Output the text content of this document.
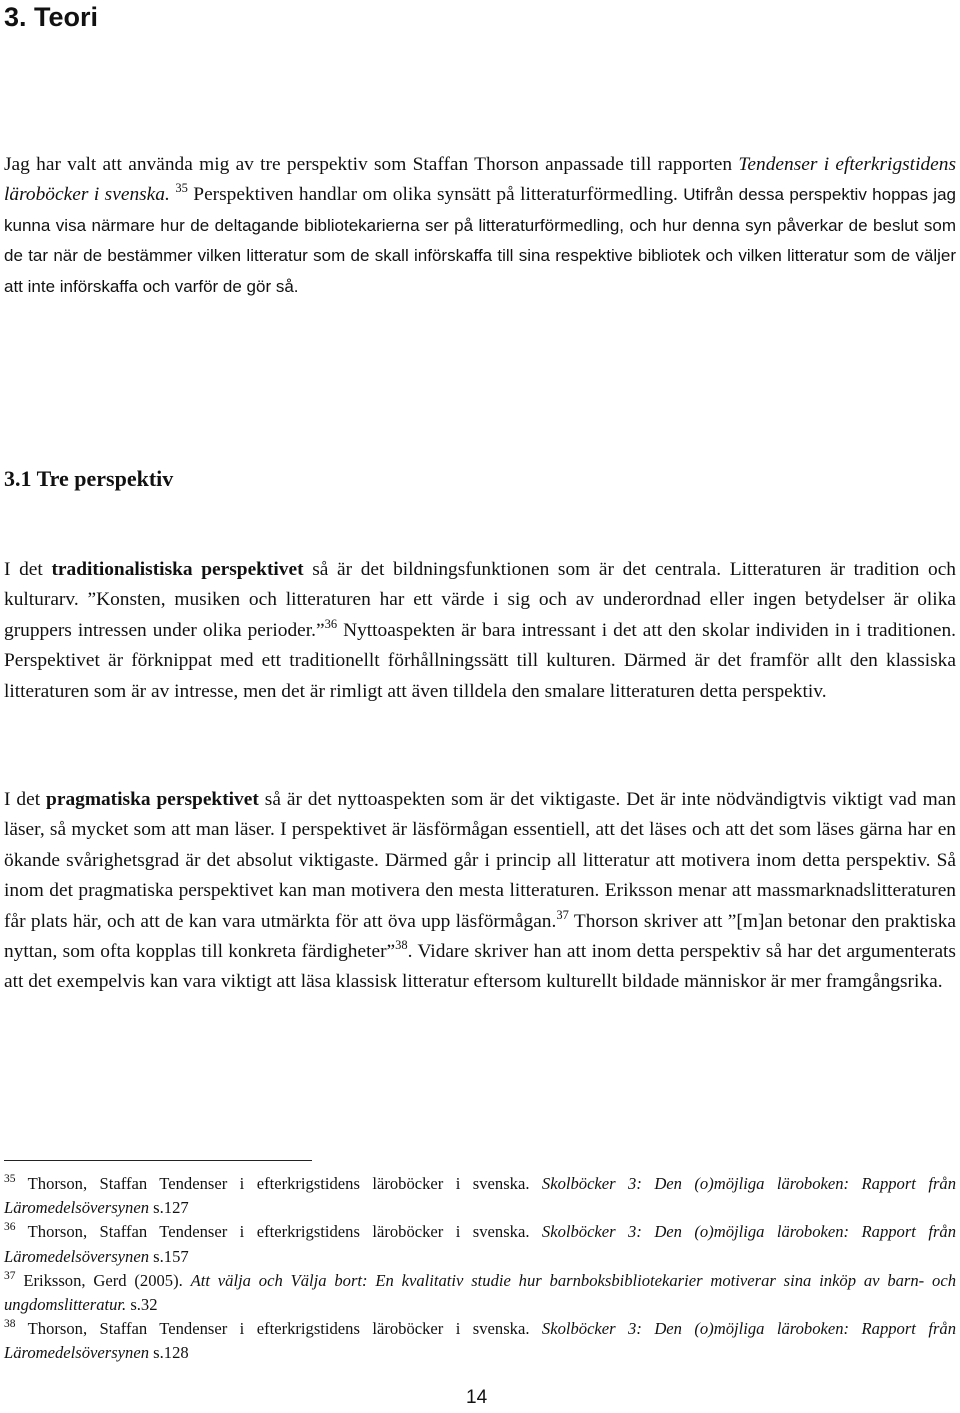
3. Teori

Jag har valt att använda mig av tre perspektiv som Staffan Thorson anpassade till rapporten Tendenser i efterkrigstidens läroböcker i svenska. $^{35}$ Perspektiven handlar om olika synsätt på litteraturförmedling. Utifrån dessa perspektiv hoppas jag kunna visa närmare hur de deltagande bibliotekarierna ser på litteraturförmedling, och hur denna syn påverkar de beslut som de tar när de bestämmer vilken litteratur som de skall införskaffa till sina respektive bibliotek och vilken litteratur som de väljer att inte införskaffa och varför de gör så.

3.1 Tre perspektiv

I det traditionalistiska perspektivet så är det bildningsfunktionen som är det centrala. Litteraturen är tradition och kulturarv. ”Konsten, musiken och litteraturen har ett värde i sig och av underordnad eller ingen betydelser är olika gruppers intressen under olika perioder.”$^{36}$ Nyttoaspekten är bara intressant i det att den skolar individen in i traditionen. Perspektivet är förknippat med ett traditionellt förhållningssätt till kulturen. Därmed är det framför allt den klassiska litteraturen som är av intresse, men det är rimligt att även tilldela den smalare litteraturen detta perspektiv.

I det pragmatiska perspektivet så är det nyttoaspekten som är det viktigaste. Det är inte nödvändigtvis viktigt vad man läser, så mycket som att man läser. I perspektivet är läsförmågan essentiell, att det läses och att det som läses gärna har en ökande svårighetsgrad är det absolut viktigaste. Därmed går i princip all litteratur att motivera inom detta perspektiv. Så inom det pragmatiska perspektivet kan man motivera den mesta litteraturen. Eriksson menar att massmarknadslitteraturen får plats här, och att de kan vara utmärkta för att öva upp läsförmågan.$^{37}$ Thorson skriver att ”[m]an betonar den praktiska nyttan, som ofta kopplas till konkreta färdigheter”$^{38}$. Vidare skriver han att inom detta perspektiv så har det argumenterats att det exempelvis kan vara viktigt att läsa klassisk litteratur eftersom kulturellt bildade människor är mer framgångsrika.

$^{35}$ Thorson, Staffan Tendenser i efterkrigstidens läroböcker i svenska. Skolböcker 3: Den (o)möjliga läroboken: Rapport från Läromedelsöversynen s.127

$^{36}$ Thorson, Staffan Tendenser i efterkrigstidens läroböcker i svenska. Skolböcker 3: Den (o)möjliga läroboken: Rapport från Läromedelsöversynen s.157

$^{37}$ Eriksson, Gerd (2005). Att välja och Välja bort: En kvalitativ studie hur barnboksbibliotekarier motiverar sina inköp av barn- och ungdomslitteratur. s.32

$^{38}$ Thorson, Staffan Tendenser i efterkrigstidens läroböcker i svenska. Skolböcker 3: Den (o)möjliga läroboken: Rapport från Läromedelsöversynen s.128

14
